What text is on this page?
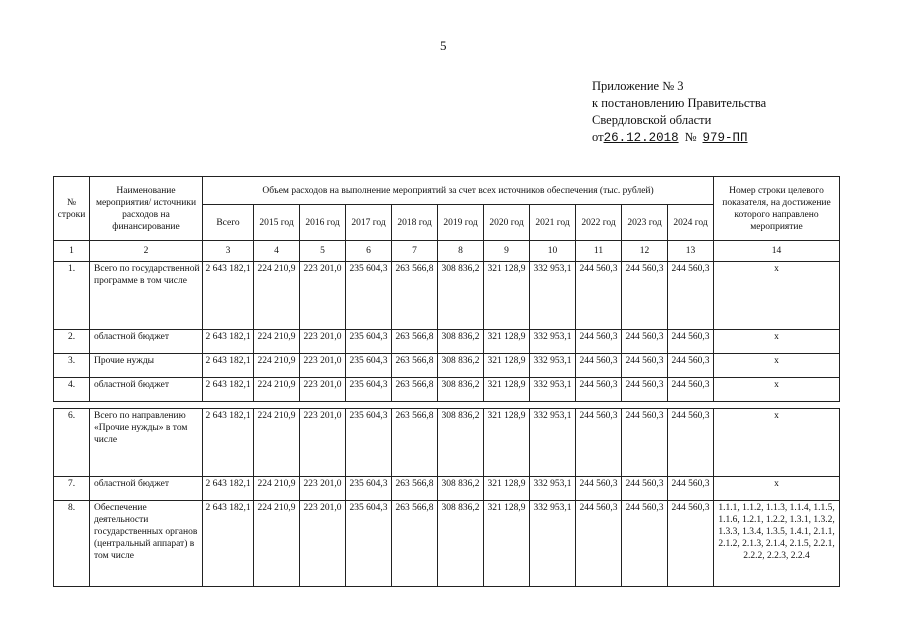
5
Приложение № 3
к постановлению Правительства
Свердловской области
от26.12.2018 № 979-ПП
№ строки	Наименование мероприятия/ источники расходов на финансирование	Объем расходов на выполнение мероприятий за счет всех источников обеспечения (тыс. рублей)											Номер строки целевого показателя, на достижение которого направлено мероприятие
		Всего	2015 год	2016 год	2017 год	2018 год	2019 год	2020 год	2021 год	2022 год	2023 год	2024 год	
1	2	3	4	5	6	7	8	9	10	11	12	13	14
1.	Всего по государственной программе в том числе	2 643 182,1	224 210,9	223 201,0	235 604,3	263 566,8	308 836,2	321 128,9	332 953,1	244 560,3	244 560,3	244 560,3	x
2.	областной бюджет	2 643 182,1	224 210,9	223 201,0	235 604,3	263 566,8	308 836,2	321 128,9	332 953,1	244 560,3	244 560,3	244 560,3	x
3.	Прочие нужды	2 643 182,1	224 210,9	223 201,0	235 604,3	263 566,8	308 836,2	321 128,9	332 953,1	244 560,3	244 560,3	244 560,3	x
4.	областной бюджет	2 643 182,1	224 210,9	223 201,0	235 604,3	263 566,8	308 836,2	321 128,9	332 953,1	244 560,3	244 560,3	244 560,3	x
6.	Всего по направлению «Прочие нужды» в том числе	2 643 182,1	224 210,9	223 201,0	235 604,3	263 566,8	308 836,2	321 128,9	332 953,1	244 560,3	244 560,3	244 560,3	x
7.	областной бюджет	2 643 182,1	224 210,9	223 201,0	235 604,3	263 566,8	308 836,2	321 128,9	332 953,1	244 560,3	244 560,3	244 560,3	x
8.	Обеспечение деятельности государственных органов (центральный аппарат) в том числе	2 643 182,1	224 210,9	223 201,0	235 604,3	263 566,8	308 836,2	321 128,9	332 953,1	244 560,3	244 560,3	244 560,3	1.1.1, 1.1.2, 1.1.3, 1.1.4, 1.1.5, 1.1.6, 1.2.1, 1.2.2, 1.3.1, 1.3.2, 1.3.3, 1.3.4, 1.3.5, 1.4.1, 2.1.1, 2.1.2, 2.1.3, 2.1.4, 2.1.5, 2.2.1, 2.2.2, 2.2.3, 2.2.4
